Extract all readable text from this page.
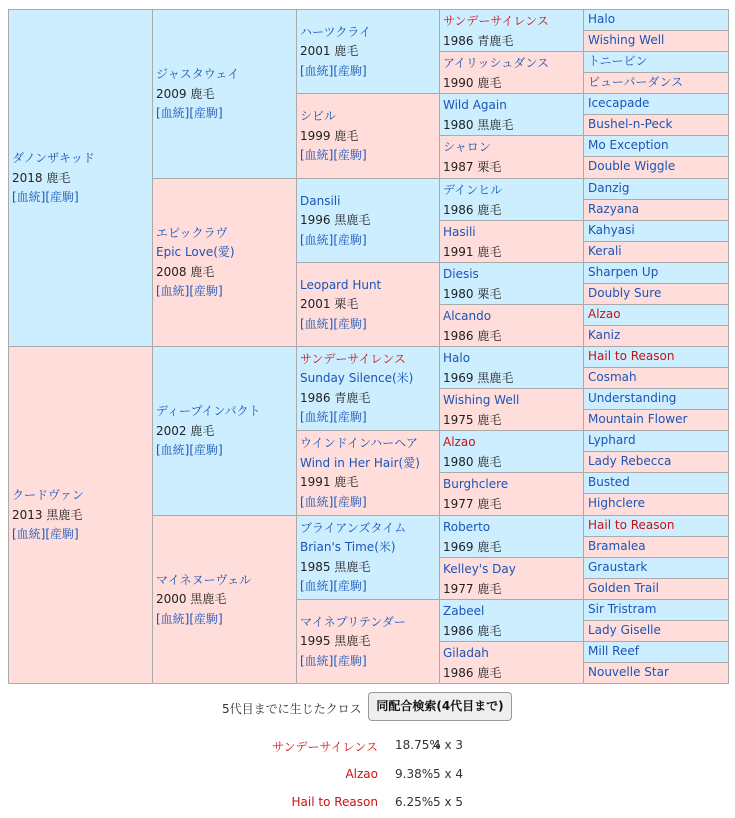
ダノンザキッド
2018 鹿毛
[血統][産駒]
クードヴァン
2013 黒鹿毛
[血統][産駒]
ジャスタウェイ
2009 鹿毛
[血統][産駒]
エピックラヴ
Epic Love(愛)
2008 鹿毛
[血統][産駒]
ディープインパクト
2002 鹿毛
[血統][産駒]
マイネヌーヴェル
2000 黒鹿毛
[血統][産駒]
ハーツクライ
2001 鹿毛
[血統][産駒]
シビル
1999 鹿毛
[血統][産駒]
Dansili
1996 黒鹿毛
[血統][産駒]
Leopard Hunt
2001 栗毛
[血統][産駒]
サンデーサイレンス
Sunday Silence(米)
1986 青鹿毛
[血統][産駒]
ウインドインハーヘア
Wind in Her Hair(愛)
1991 鹿毛
[血統][産駒]
ブライアンズタイム
Brian's Time(米)
1985 黒鹿毛
[血統][産駒]
マイネプリテンダー
1995 黒鹿毛
[血統][産駒]
サンデーサイレンス
1986 青鹿毛
アイリッシュダンス
1990 鹿毛
Wild Again
1980 黒鹿毛
シャロン
1987 栗毛
デインヒル
1986 鹿毛
Hasili
1991 鹿毛
Diesis
1980 栗毛
Alcando
1986 鹿毛
Halo
1969 黒鹿毛
Wishing Well
1975 鹿毛
Alzao
1980 鹿毛
Burghclere
1977 鹿毛
Roberto
1969 鹿毛
Kelley's Day
1977 鹿毛
Zabeel
1986 鹿毛
Giladah
1986 鹿毛
Halo
Wishing Well
トニービン
ビューパーダンス
Icecapade
Bushel-n-Peck
Mo Exception
Double Wiggle
Danzig
Razyana
Kahyasi
Kerali
Sharpen Up
Doubly Sure
Alzao
Kaniz
Hail to Reason
Cosmah
Understanding
Mountain Flower
Lyphard
Lady Rebecca
Busted
Highclere
Hail to Reason
Bramalea
Graustark
Golden Trail
Sir Tristram
Lady Giselle
Mill Reef
Nouvelle Star
5代目までに生じたクロス	同配合検索(4代目まで)
サンデーサイレンス 18.75%
4 x 3
Alzao 9.38% 5 x 4
Hail to Reason 6.25% 5 x 5
